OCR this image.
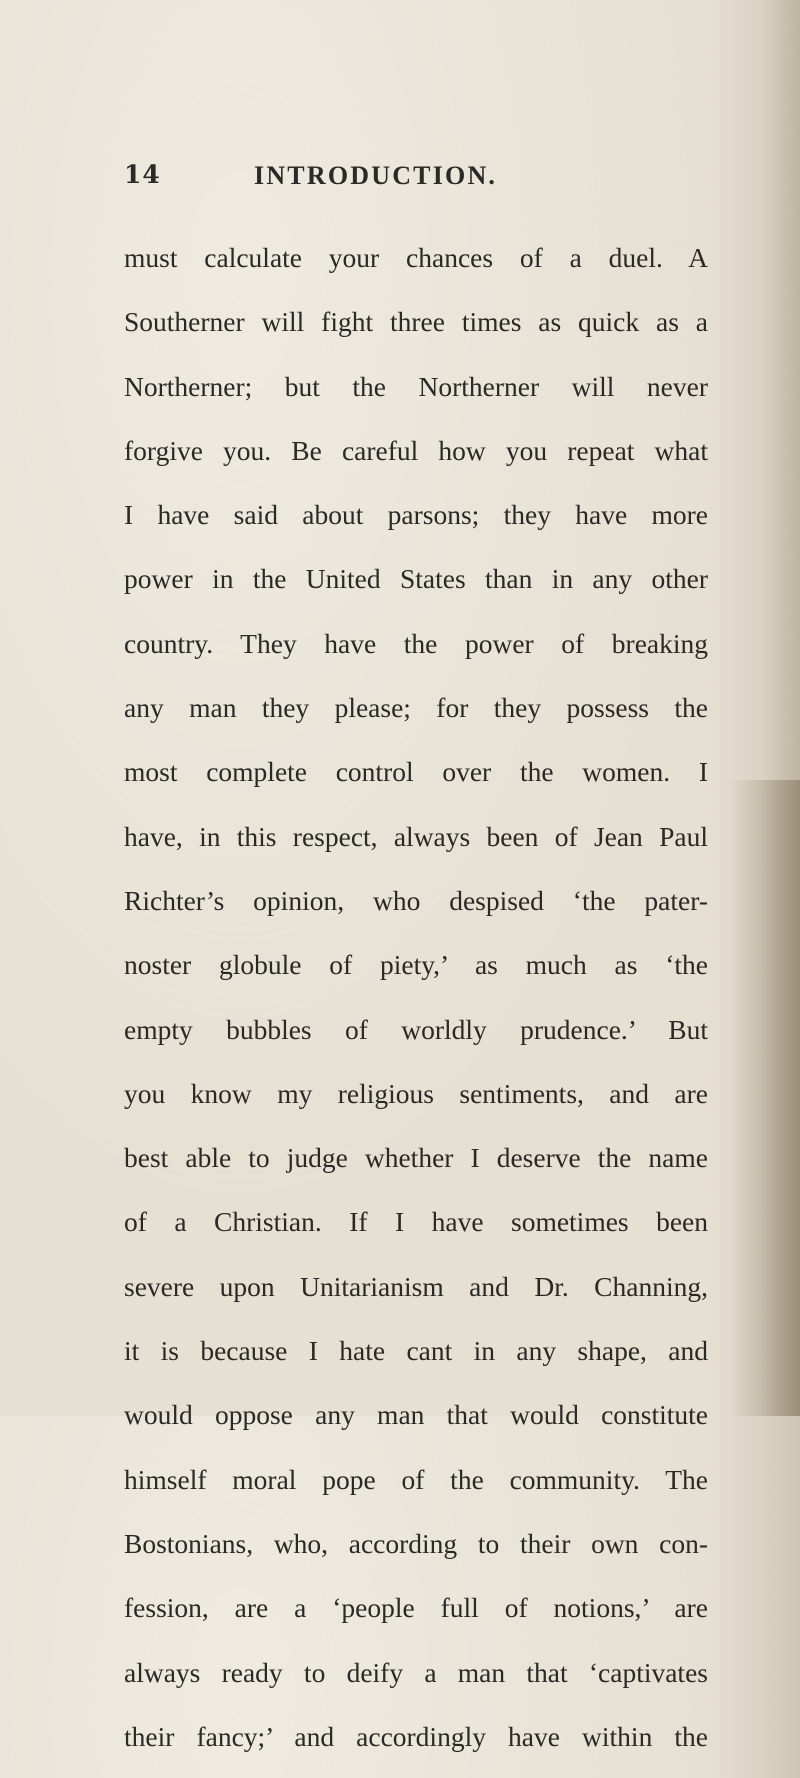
14	INTRODUCTION.
must calculate your chances of a duel. A
Southerner will fight three times as quick as a
Northerner; but the Northerner will never
forgive you. Be careful how you repeat what
I have said about parsons; they have more
power in the United States than in any other
country. They have the power of breaking
any man they please; for they possess the
most complete control over the women. I
have, in this respect, always been of Jean Paul
Richter’s opinion, who despised ‘the pater-
noster globule of piety,’ as much as ‘the
empty bubbles of worldly prudence.’ But
you know my religious sentiments, and are
best able to judge whether I deserve the name
of a Christian. If I have sometimes been
severe upon Unitarianism and Dr. Channing,
it is because I hate cant in any shape, and
would oppose any man that would constitute
himself moral pope of the community. The
Bostonians, who, according to their own con-
fession, are a ‘people full of notions,’ are
always ready to deify a man that ‘captivates
their fancy;’ and accordingly have within the
